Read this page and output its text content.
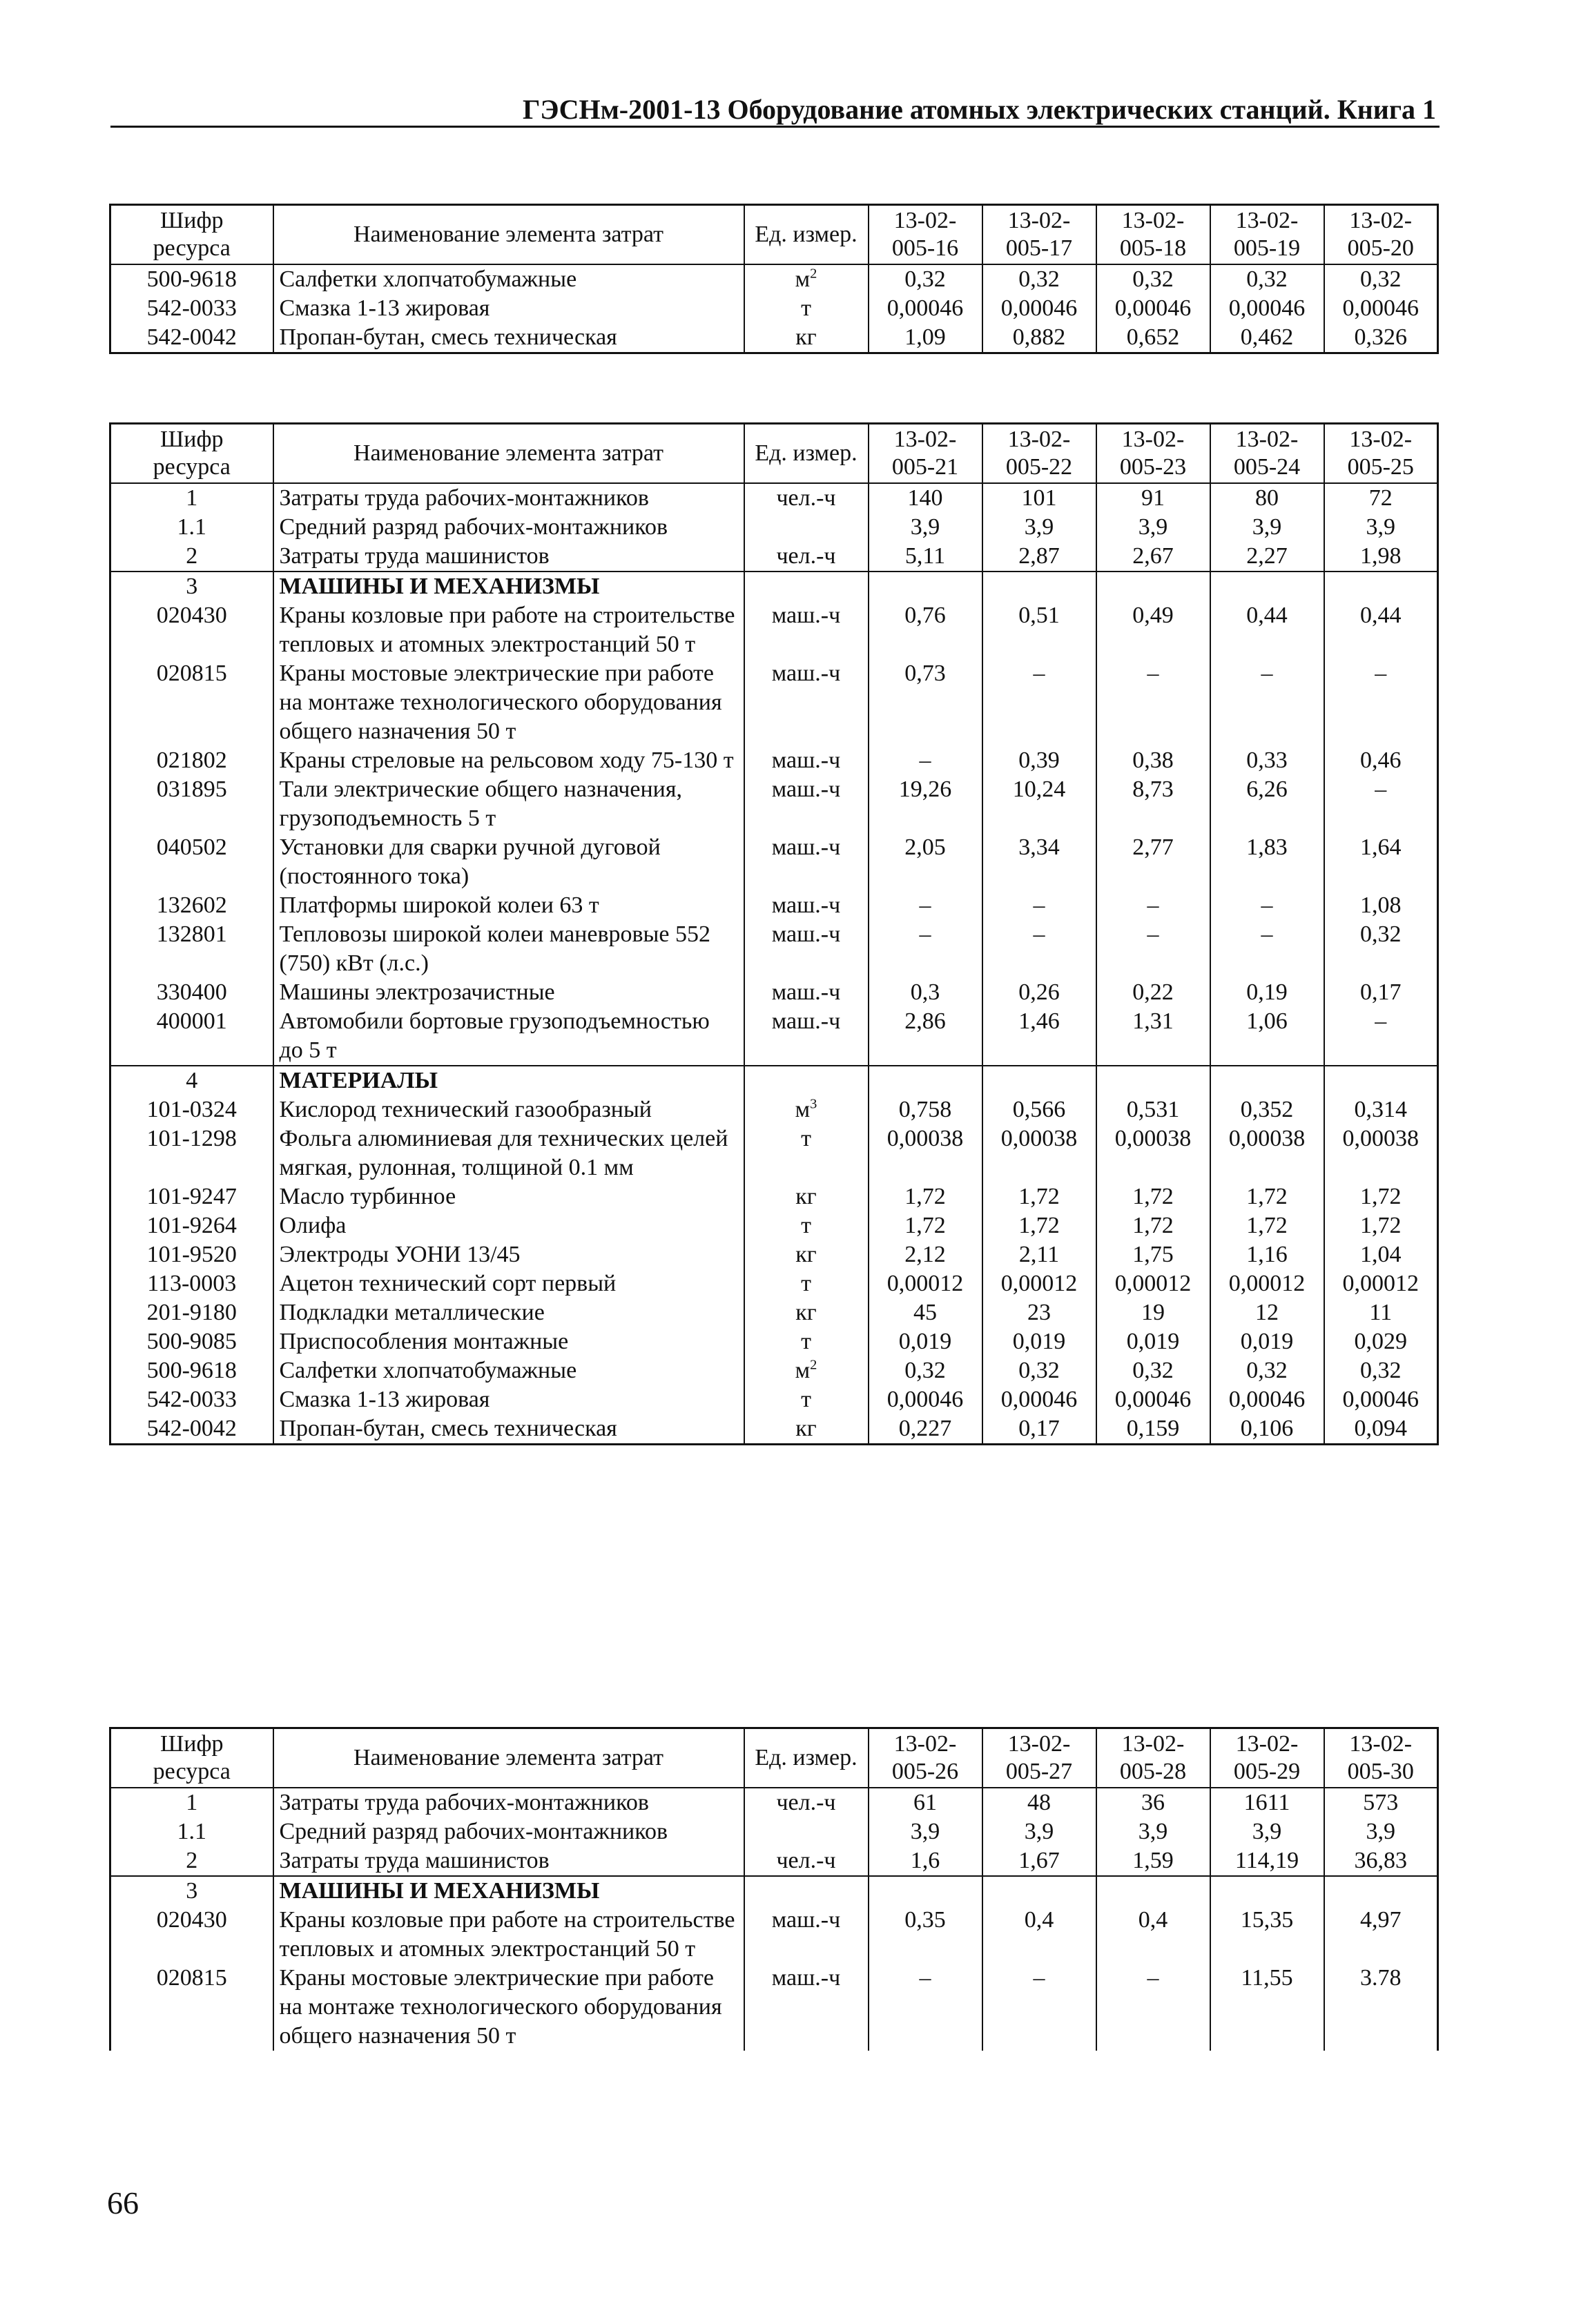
ГЭСНм-2001-13 Оборудование атомных электрических станций. Книга 1
Шифр ресурса	Наименование элемента затрат	Ед. измер.	13-02-005-16	13-02-005-17	13-02-005-18	13-02-005-19	13-02-005-20
500-9618	Салфетки хлопчатобумажные	$м^2$	0,32	0,32	0,32	0,32	0,32
542-0033	Смазка 1-13 жировая	т	0,00046	0,00046	0,00046	0,00046	0,00046
542-0042	Пропан-бутан, смесь техническая	кг	1,09	0,882	0,652	0,462	0,326
Шифр ресурса	Наименование элемента затрат	Ед. измер.	13-02-005-21	13-02-005-22	13-02-005-23	13-02-005-24	13-02-005-25
1	Затраты труда рабочих-монтажников	чел.-ч	140	101	91	80	72
1.1	Средний разряд рабочих-монтажников		3,9	3,9	3,9	3,9	3,9
2	Затраты труда машинистов	чел.-ч	5,11	2,87	2,67	2,27	1,98
3	МАШИНЫ И МЕХАНИЗМЫ						
020430	Краны козловые при работе на строительстве тепловых и атомных электростанций 50 т	маш.-ч	0,76	0,51	0,49	0,44	0,44
020815	Краны мостовые электрические при работе на монтаже технологического оборудования общего назначения 50 т	маш.-ч	0,73	–	–	–	–
021802	Краны стреловые на рельсовом ходу 75-130 т	маш.-ч	–	0,39	0,38	0,33	0,46
031895	Тали электрические общего назначения, грузоподъемность 5 т	маш.-ч	19,26	10,24	8,73	6,26	–
040502	Установки для сварки ручной дуговой (постоянного тока)	маш.-ч	2,05	3,34	2,77	1,83	1,64
132602	Платформы широкой колеи 63 т	маш.-ч	–	–	–	–	1,08
132801	Тепловозы широкой колеи маневровые 552 (750) кВт (л.с.)	маш.-ч	–	–	–	–	0,32
330400	Машины электрозачистные	маш.-ч	0,3	0,26	0,22	0,19	0,17
400001	Автомобили бортовые грузоподъемностью до 5 т	маш.-ч	2,86	1,46	1,31	1,06	–
4	МАТЕРИАЛЫ						
101-0324	Кислород технический газообразный	$м^3$	0,758	0,566	0,531	0,352	0,314
101-1298	Фольга алюминиевая для технических целей мягкая, рулонная, толщиной 0.1 мм	т	0,00038	0,00038	0,00038	0,00038	0,00038
101-9247	Масло турбинное	кг	1,72	1,72	1,72	1,72	1,72
101-9264	Олифа	т	1,72	1,72	1,72	1,72	1,72
101-9520	Электроды УОНИ 13/45	кг	2,12	2,11	1,75	1,16	1,04
113-0003	Ацетон технический сорт первый	т	0,00012	0,00012	0,00012	0,00012	0,00012
201-9180	Подкладки металлические	кг	45	23	19	12	11
500-9085	Приспособления монтажные	т	0,019	0,019	0,019	0,019	0,029
500-9618	Салфетки хлопчатобумажные	$м^2$	0,32	0,32	0,32	0,32	0,32
542-0033	Смазка 1-13 жировая	т	0,00046	0,00046	0,00046	0,00046	0,00046
542-0042	Пропан-бутан, смесь техническая	кг	0,227	0,17	0,159	0,106	0,094
Шифр ресурса	Наименование элемента затрат	Ед. измер.	13-02-005-26	13-02-005-27	13-02-005-28	13-02-005-29	13-02-005-30
1	Затраты труда рабочих-монтажников	чел.-ч	61	48	36	1611	573
1.1	Средний разряд рабочих-монтажников		3,9	3,9	3,9	3,9	3,9
2	Затраты труда машинистов	чел.-ч	1,6	1,67	1,59	114,19	36,83
3	МАШИНЫ И МЕХАНИЗМЫ						
020430	Краны козловые при работе на строительстве тепловых и атомных электростанций 50 т	маш.-ч	0,35	0,4	0,4	15,35	4,97
020815	Краны мостовые электрические при работе на монтаже технологического оборудования общего назначения 50 т	маш.-ч	–	–	–	11,55	3.78
66
